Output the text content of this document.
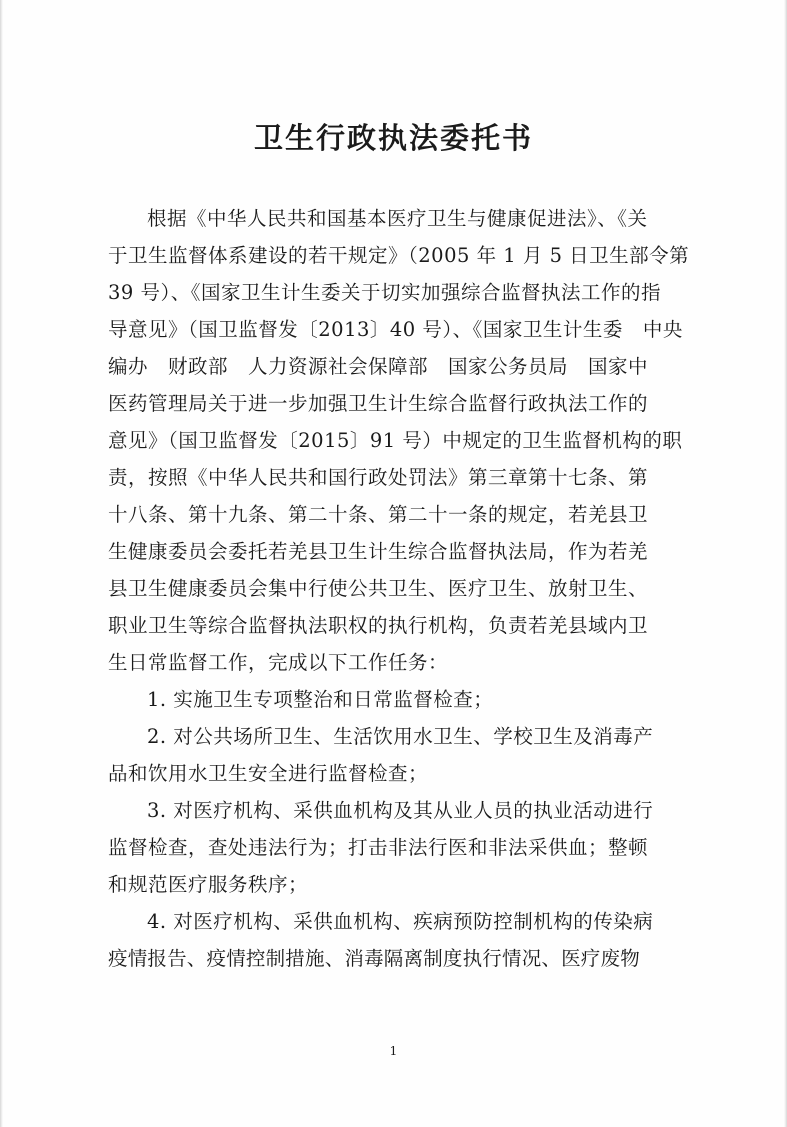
卫生行政执法委托书
根据《中华人民共和国基本医疗卫生与健康促进法》、《关
于卫生监督体系建设的若干规定》（2005 年 1 月 5 日卫生部令第
39 号）、《国家卫生计生委关于切实加强综合监督执法工作的指
导意见》（国卫监督发〔2013〕40 号）、《国家卫生计生委　中央
编办　财政部　人力资源社会保障部　国家公务员局　国家中
医药管理局关于进一步加强卫生计生综合监督行政执法工作的
意见》（国卫监督发〔2015〕91 号）中规定的卫生监督机构的职
责，按照《中华人民共和国行政处罚法》第三章第十七条、第
十八条、第十九条、第二十条、第二十一条的规定，若羌县卫
生健康委员会委托若羌县卫生计生综合监督执法局，作为若羌
县卫生健康委员会集中行使公共卫生、医疗卫生、放射卫生、
职业卫生等综合监督执法职权的执行机构，负责若羌县域内卫
生日常监督工作，完成以下工作任务：
1. 实施卫生专项整治和日常监督检查；
2. 对公共场所卫生、生活饮用水卫生、学校卫生及消毒产
品和饮用水卫生安全进行监督检查；
3. 对医疗机构、采供血机构及其从业人员的执业活动进行
监督检查，查处违法行为；打击非法行医和非法采供血；整顿
和规范医疗服务秩序；
4. 对医疗机构、采供血机构、疾病预防控制机构的传染病
疫情报告、疫情控制措施、消毒隔离制度执行情况、医疗废物
1
